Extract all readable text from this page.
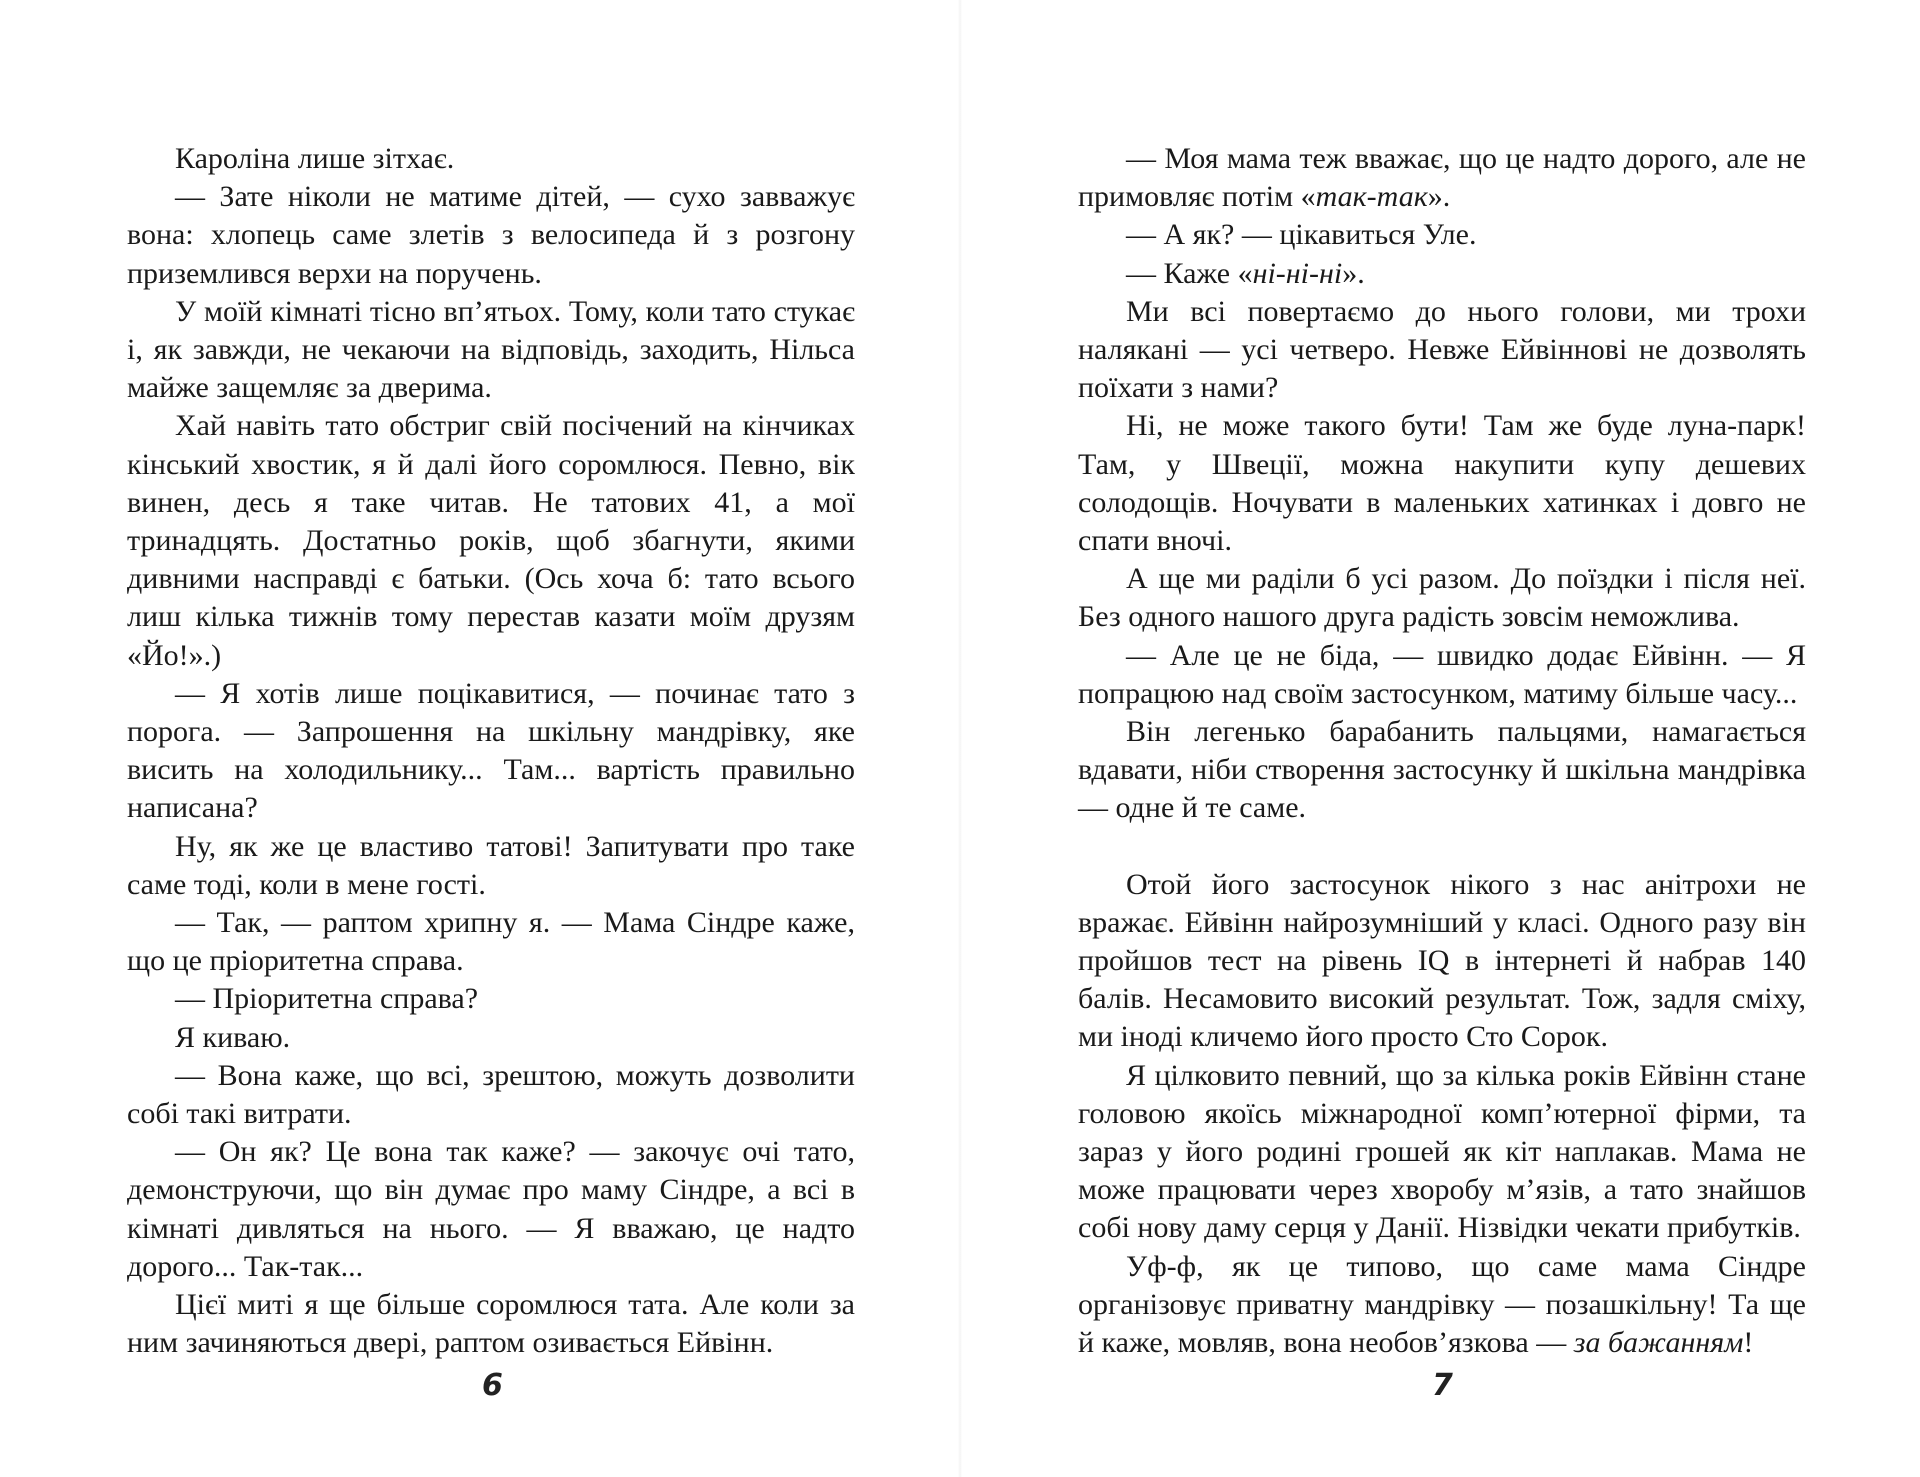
Кароліна лише зітхає.

— Зате ніколи не матиме дітей, — сухо завважує вона: хлопець саме злетів з велосипеда й з розгону приземлився верхи на поручень.

У моїй кімнаті тісно вп’ятьох. Тому, коли тато стукає і, як завжди, не чекаючи на відповідь, заходить, Нільса майже защемляє за дверима.

Хай навіть тато обстриг свій посічений на кінчиках кінський хвостик, я й далі його соромлюся. Певно, вік винен, десь я таке читав. Не татових 41, а мої тринадцять. Достатньо років, щоб збагнути, якими дивними насправді є батьки. (Ось хоча б: тато всього лиш кілька тижнів тому перестав казати моїм друзям «Йо!».)

— Я хотів лише поцікавитися, — починає тато з порога. — Запрошення на шкільну мандрівку, яке висить на холодильнику... Там... вартість правильно написана?

Ну, як же це властиво татові! Запитувати про таке саме тоді, коли в мене гості.

— Так, — раптом хрипну я. — Мама Сіндре каже, що це пріоритетна справа.

— Пріоритетна справа?

Я киваю.

— Вона каже, що всі, зрештою, можуть дозволити собі такі витрати.

— Он як? Це вона так каже? — закочує очі тато, демонструючи, що він думає про маму Сіндре, а всі в кімнаті дивляться на нього. — Я вважаю, це надто дорого... Так-так...

Цієї миті я ще більше соромлюся тата. Але коли за ним зачиняються двері, раптом озивається Ейвінн.

6

— Моя мама теж вважає, що це надто дорого, але не примовляє потім «так-так».

— А як? — цікавиться Уле.

— Каже «ні-ні-ні».

Ми всі повертаємо до нього голови, ми трохи налякані — усі четверо. Невже Ейвіннові не дозволять поїхати з нами?

Ні, не може такого бути! Там же буде луна-парк! Там, у Швеції, можна накупити купу дешевих солодощів. Ночувати в маленьких хатинках і довго не спати вночі.

А ще ми раділи б усі разом. До поїздки і після неї. Без одного нашого друга радість зовсім неможлива.

— Але це не біда, — швидко додає Ейвінн. — Я попрацюю над своїм застосунком, матиму більше часу...

Він легенько барабанить пальцями, намагається вдавати, ніби створення застосунку й шкільна мандрівка — одне й те саме.

Отой його застосунок нікого з нас анітрохи не вражає. Ейвінн найрозумніший у класі. Одного разу він пройшов тест на рівень IQ в інтернеті й набрав 140 балів. Несамовито високий результат. Тож, задля сміху, ми іноді кличемо його просто Сто Сорок.

Я цілковито певний, що за кілька років Ейвінн стане головою якоїсь міжнародної комп’ютерної фірми, та зараз у його родині грошей як кіт наплакав. Мама не може працювати через хворобу м’язів, а тато знайшов собі нову даму серця у Данії. Нізвідки чекати прибутків.

Уф-ф, як це типово, що саме мама Сіндре організовує приватну мандрівку — позашкільну! Та ще й каже, мовляв, вона необов’язкова — за бажанням!

7
